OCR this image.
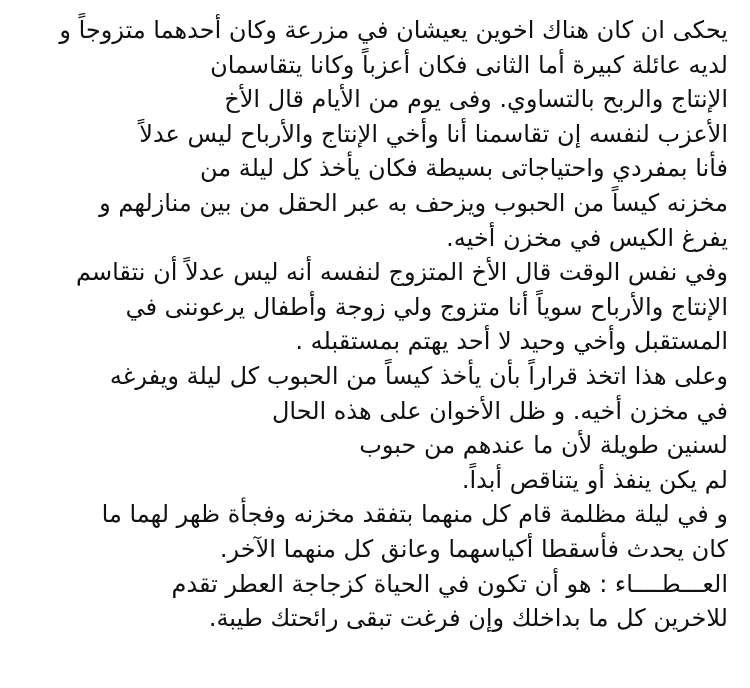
يحكى ان كان هناك اخوين يعيشان في مزرعة وكان أحدهما متزوجاً و
لديه عائلة كبيرة أما الثانى فكان أعزباً وكانا يتقاسمان
الإنتاج والربح بالتساوي. وفى يوم من الأيام قال الأخ
الأعزب لنفسه إن تقاسمنا أنا وأخي الإنتاج والأرباح ليس عدلاً
فأنا بمفردي واحتياجاتى بسيطة فكان يأخذ كل ليلة من
مخزنه كيساً من الحبوب ويزحف به عبر الحقل من بين منازلهم و
يفرغ الكيس في مخزن أخيه.
وفي نفس الوقت قال الأخ المتزوج لنفسه أنه ليس عدلاً أن نتقاسم
الإنتاج والأرباح سوياً أنا متزوج ولي زوجة وأطفال يرعوننى في
المستقبل وأخي وحيد لا أحد يهتم بمستقبله .
وعلى هذا اتخذ قراراً بأن يأخذ كيساً من الحبوب كل ليلة ويفرغه
في مخزن أخيه. و ظل الأخوان على هذه الحال
لسنين طويلة لأن ما عندهم من حبوب
لم يكن ينفذ أو يتناقص أبداً.
و في ليلة مظلمة قام كل منهما بتفقد مخزنه وفجأة ظهر لهما ما
كان يحدث فأسقطا أكياسهما وعانق كل منهما الآخر.
العـــطــــاء : هو أن تكون في الحياة كزجاجة العطر تقدم
للاخرين كل ما بداخلك وإن فرغت تبقى رائحتك طيبة.
